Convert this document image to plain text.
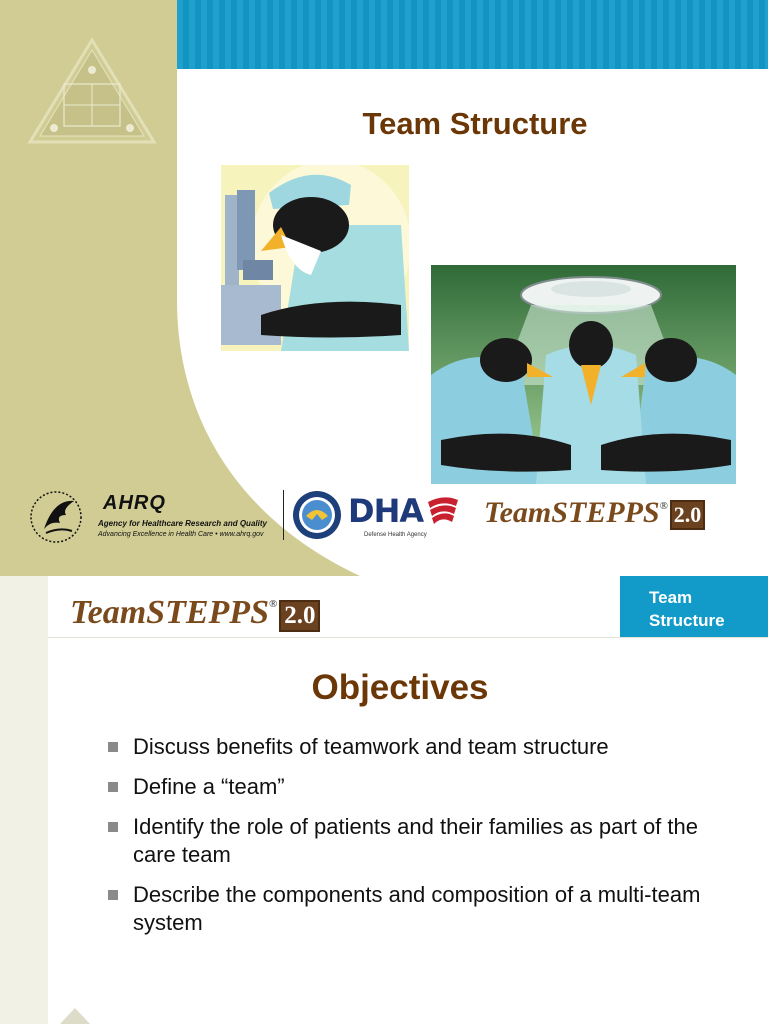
Team Structure
AHRQ
Agency for Healthcare Research and Quality
Advancing Excellence in Health Care • www.ahrq.gov
DHA
Defense Health Agency
TeamSTEPPS® 2.0
TeamSTEPPS® 2.0
Team Structure
Objectives
Discuss benefits of teamwork and team structure
Define a “team”
Identify the role of patients and their families as part of the care team
Describe the components and composition of a multi-team system
